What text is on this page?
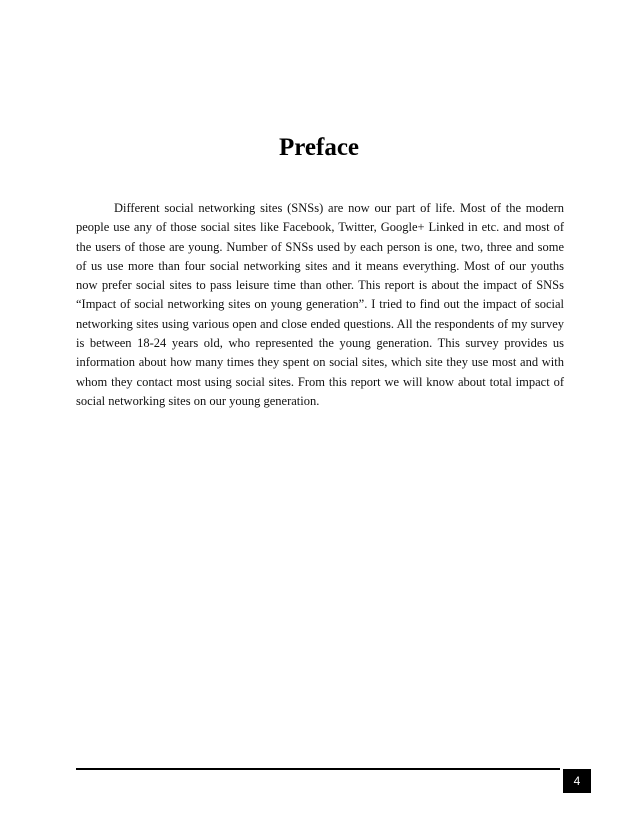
Preface

Different social networking sites (SNSs) are now our part of life. Most of the modern people use any of those social sites like Facebook, Twitter, Google+ Linked in etc. and most of the users of those are young. Number of SNSs used by each person is one, two, three and some of us use more than four social networking sites and it means everything. Most of our youths now prefer social sites to pass leisure time than other. This report is about the impact of SNSs “Impact of social networking sites on young generation”. I tried to find out the impact of social networking sites using various open and close ended questions. All the respondents of my survey is between 18-24 years old, who represented the young generation. This survey provides us information about how many times they spent on social sites, which site they use most and with whom they contact most using social sites. From this report we will know about total impact of social networking sites on our young generation.

4
